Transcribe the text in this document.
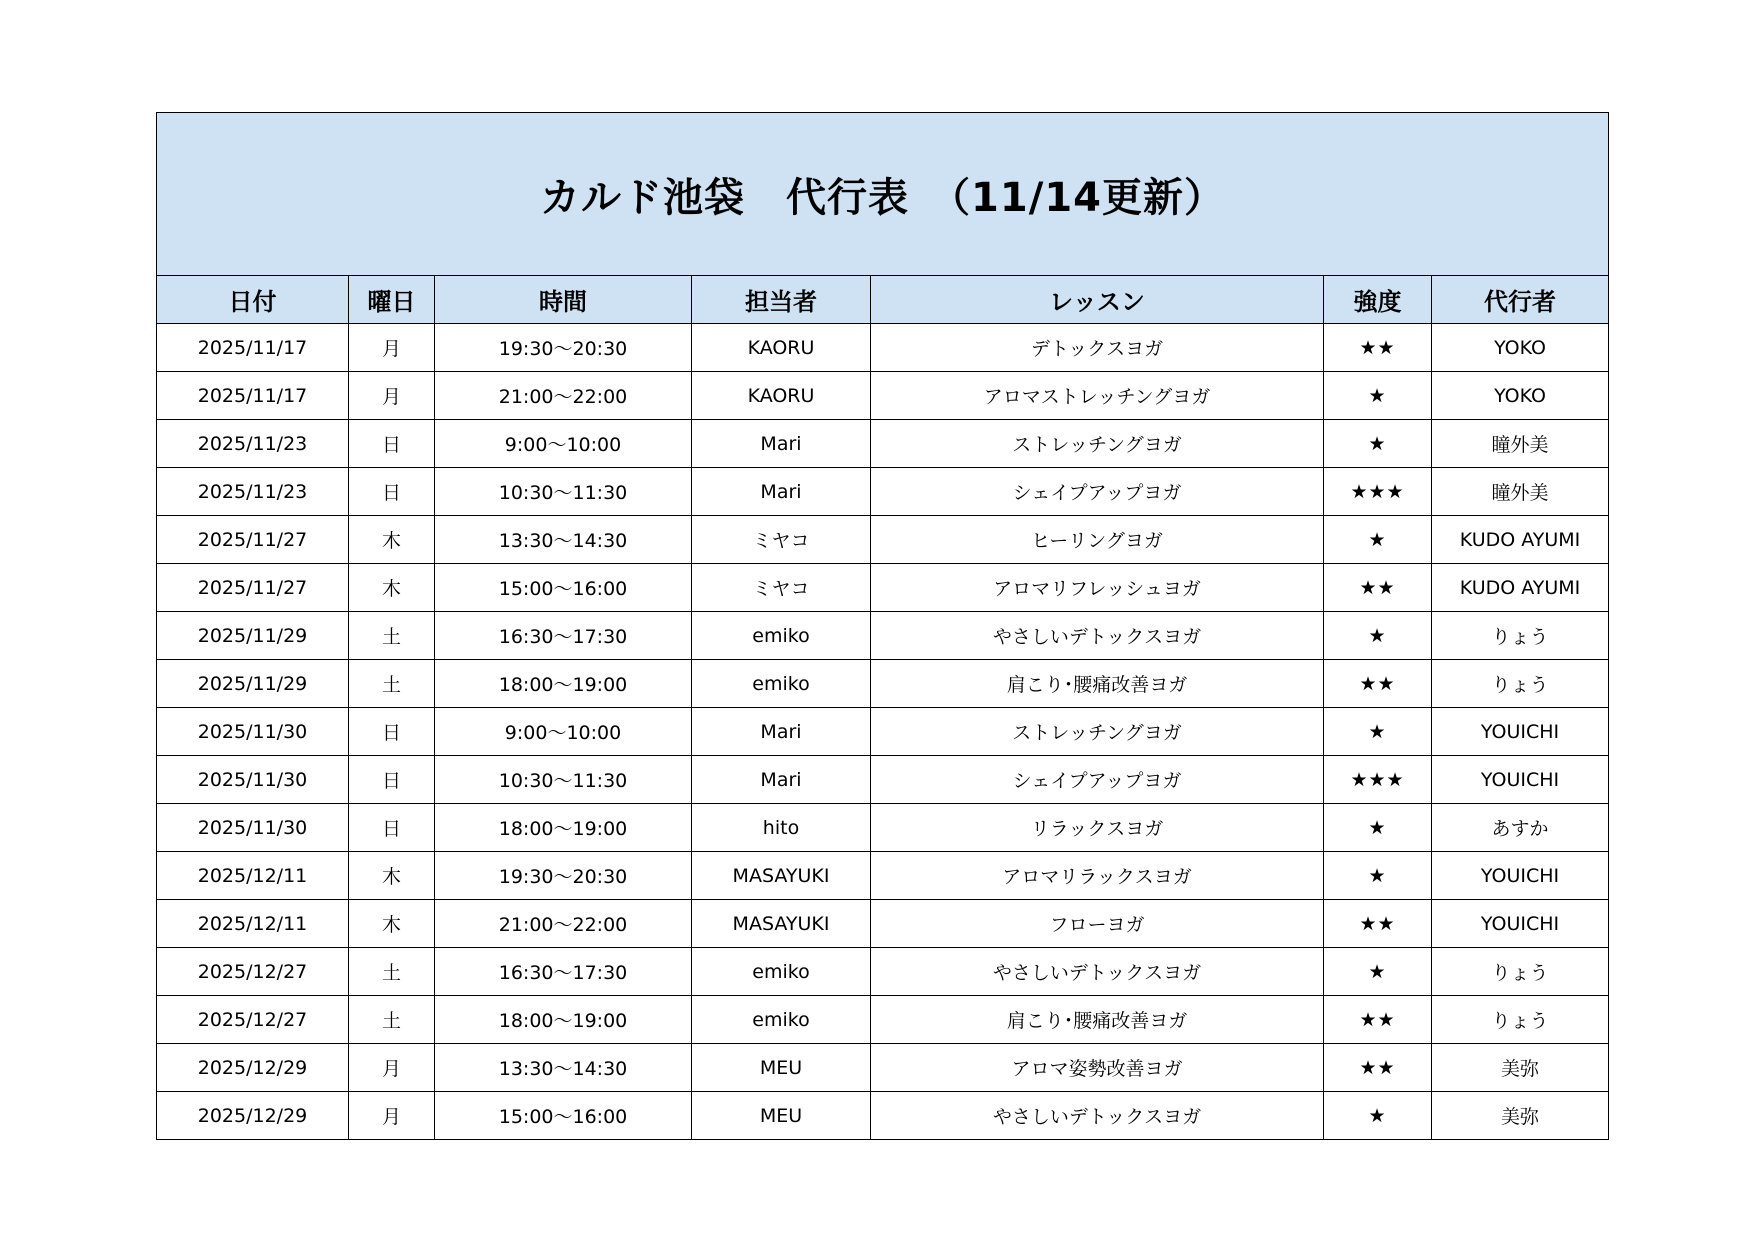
カルド池袋　代行表　（11/14更新）						
日付	曜日	時間	担当者	レッスン	強度	代行者
2025/11/17	月	19:30〜20:30	KAORU	デトックスヨガ	★★	YOKO
2025/11/17	月	21:00〜22:00	KAORU	アロマストレッチングヨガ	★	YOKO
2025/11/23	日	9:00〜10:00	Mari	ストレッチングヨガ	★	瞳外美
2025/11/23	日	10:30〜11:30	Mari	シェイプアップヨガ	★★★	瞳外美
2025/11/27	木	13:30〜14:30	ミヤコ	ヒーリングヨガ	★	KUDO AYUMI
2025/11/27	木	15:00〜16:00	ミヤコ	アロマリフレッシュヨガ	★★	KUDO AYUMI
2025/11/29	土	16:30〜17:30	emiko	やさしいデトックスヨガ	★	りょう
2025/11/29	土	18:00〜19:00	emiko	肩こり･腰痛改善ヨガ	★★	りょう
2025/11/30	日	9:00〜10:00	Mari	ストレッチングヨガ	★	YOUICHI
2025/11/30	日	10:30〜11:30	Mari	シェイプアップヨガ	★★★	YOUICHI
2025/11/30	日	18:00〜19:00	hito	リラックスヨガ	★	あすか
2025/12/11	木	19:30〜20:30	MASAYUKI	アロマリラックスヨガ	★	YOUICHI
2025/12/11	木	21:00〜22:00	MASAYUKI	フローヨガ	★★	YOUICHI
2025/12/27	土	16:30〜17:30	emiko	やさしいデトックスヨガ	★	りょう
2025/12/27	土	18:00〜19:00	emiko	肩こり･腰痛改善ヨガ	★★	りょう
2025/12/29	月	13:30〜14:30	MEU	アロマ姿勢改善ヨガ	★★	美弥
2025/12/29	月	15:00〜16:00	MEU	やさしいデトックスヨガ	★	美弥
